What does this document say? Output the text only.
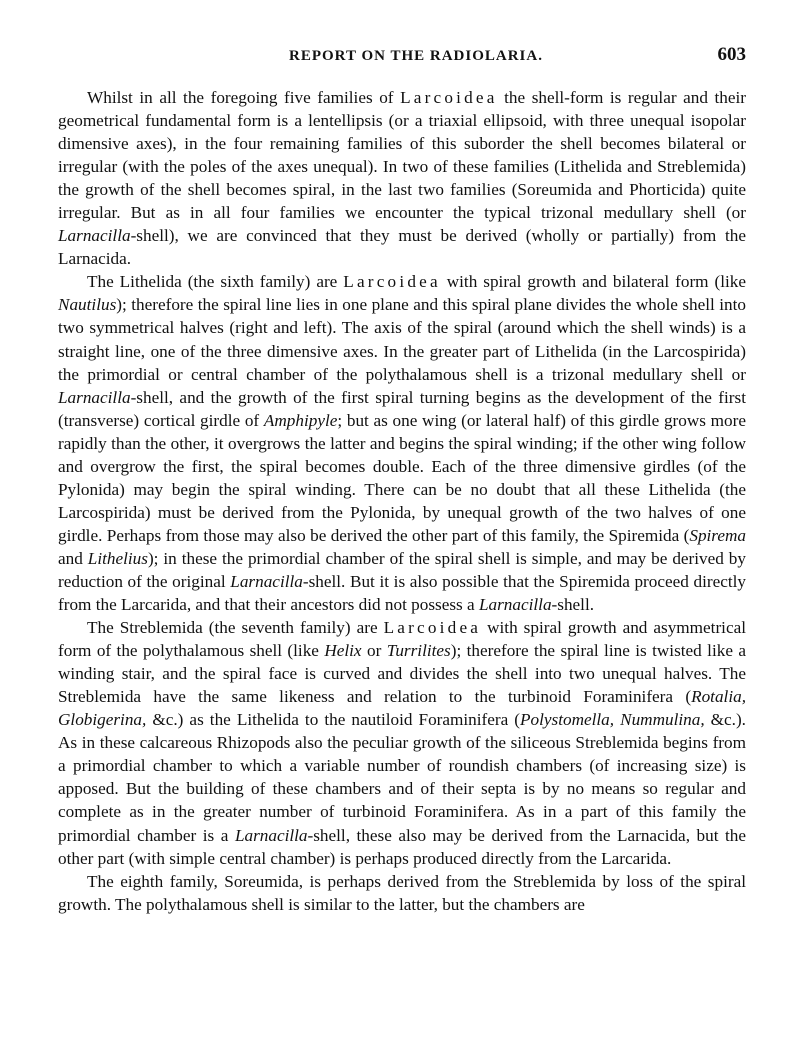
REPORT ON THE RADIOLARIA.	603

Whilst in all the foregoing five families of Larcoidea the shell-form is regular and their geometrical fundamental form is a lentellipsis (or a triaxial ellipsoid, with three unequal isopolar dimensive axes), in the four remaining families of this suborder the shell becomes bilateral or irregular (with the poles of the axes unequal). In two of these families (Lithelida and Streblemida) the growth of the shell becomes spiral, in the last two families (Soreumida and Phorticida) quite irregular. But as in all four families we encounter the typical trizonal medullary shell (or Larnacilla-shell), we are convinced that they must be derived (wholly or partially) from the Larnacida.

The Lithelida (the sixth family) are Larcoidea with spiral growth and bilateral form (like Nautilus); therefore the spiral line lies in one plane and this spiral plane divides the whole shell into two symmetrical halves (right and left). The axis of the spiral (around which the shell winds) is a straight line, one of the three dimensive axes. In the greater part of Lithelida (in the Larcospirida) the primordial or central chamber of the polythalamous shell is a trizonal medullary shell or Larnacilla-shell, and the growth of the first spiral turning begins as the development of the first (transverse) cortical girdle of Amphipyle; but as one wing (or lateral half) of this girdle grows more rapidly than the other, it overgrows the latter and begins the spiral winding; if the other wing follow and overgrow the first, the spiral becomes double. Each of the three dimensive girdles (of the Pylonida) may begin the spiral winding. There can be no doubt that all these Lithelida (the Larcospirida) must be derived from the Pylonida, by unequal growth of the two halves of one girdle. Perhaps from those may also be derived the other part of this family, the Spiremida (Spirema and Lithelius); in these the primordial chamber of the spiral shell is simple, and may be derived by reduction of the original Larnacilla-shell. But it is also possible that the Spiremida proceed directly from the Larcarida, and that their ancestors did not possess a Larnacilla-shell.

The Streblemida (the seventh family) are Larcoidea with spiral growth and asymmetrical form of the polythalamous shell (like Helix or Turrilites); therefore the spiral line is twisted like a winding stair, and the spiral face is curved and divides the shell into two unequal halves. The Streblemida have the same likeness and relation to the turbinoid Foraminifera (Rotalia, Globigerina, &c.) as the Lithelida to the nautiloid Foraminifera (Polystomella, Nummulina, &c.). As in these calcareous Rhizopods also the peculiar growth of the siliceous Streblemida begins from a primordial chamber to which a variable number of roundish chambers (of increasing size) is apposed. But the building of these chambers and of their septa is by no means so regular and complete as in the greater number of turbinoid Foraminifera. As in a part of this family the primordial chamber is a Larnacilla-shell, these also may be derived from the Larnacida, but the other part (with simple central chamber) is perhaps produced directly from the Larcarida.

The eighth family, Soreumida, is perhaps derived from the Streblemida by loss of the spiral growth. The polythalamous shell is similar to the latter, but the chambers are
